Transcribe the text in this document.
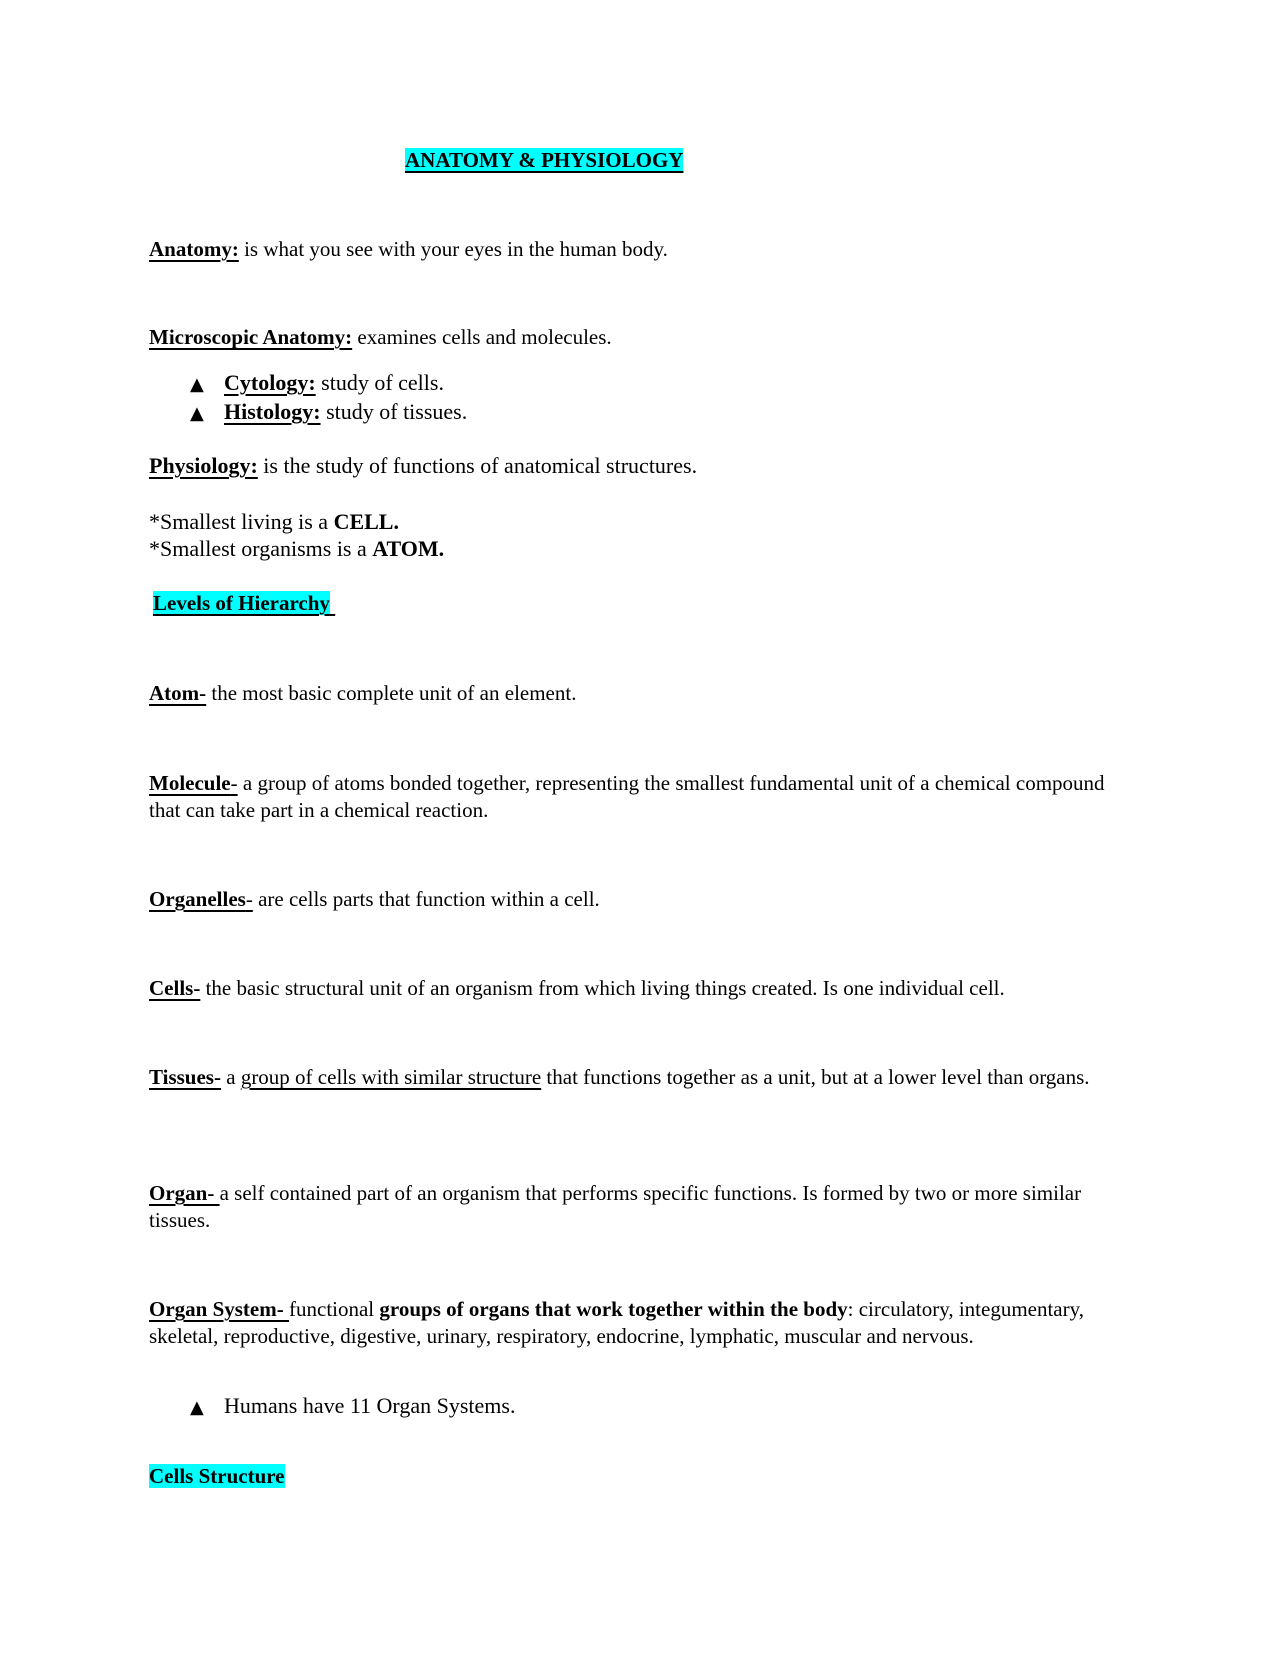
ANATOMY & PHYSIOLOGY
Anatomy: is what you see with your eyes in the human body.
Microscopic Anatomy: examines cells and molecules.
▲ Cytology: study of cells.
▲ Histology: study of tissues.
Physiology: is the study of functions of anatomical structures.
*Smallest living is a CELL.
*Smallest organisms is a ATOM.
Levels of Hierarchy
Atom- the most basic complete unit of an element.
Molecule- a group of atoms bonded together, representing the smallest fundamental unit of a chemical compound that can take part in a chemical reaction.
Organelles- are cells parts that function within a cell.
Cells- the basic structural unit of an organism from which living things created. Is one individual cell.
Tissues- a group of cells with similar structure that functions together as a unit, but at a lower level than organs.
Organ- a self contained part of an organism that performs specific functions. Is formed by two or more similar tissues.
Organ System- functional groups of organs that work together within the body: circulatory, integumentary, skeletal, reproductive, digestive, urinary, respiratory, endocrine, lymphatic, muscular and nervous.
▲ Humans have 11 Organ Systems.
Cells Structure
